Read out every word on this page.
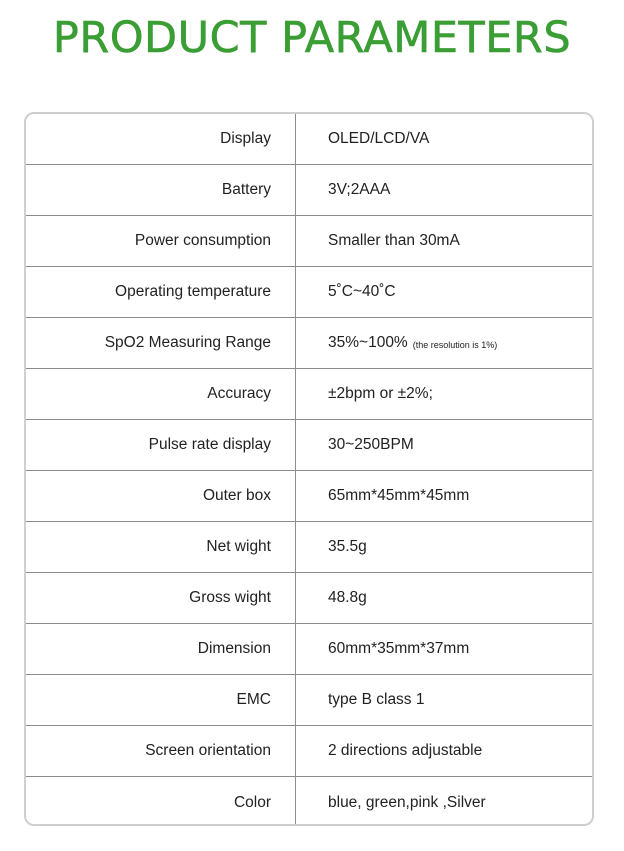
PRODUCT PARAMETERS
Display	OLED/LCD/VA
Battery	3V;2AAA
Power consumption	Smaller than 30mA
Operating temperature	5˚C~40˚C
SpO2 Measuring Range	35%~100% (the resolution is 1%)
Accuracy	±2bpm or ±2%;
Pulse rate display	30~250BPM
Outer box	65mm*45mm*45mm
Net wight	35.5g
Gross wight	48.8g
Dimension	60mm*35mm*37mm
EMC	type B class 1
Screen orientation	2 directions adjustable
Color	blue, green,pink ,Silver
